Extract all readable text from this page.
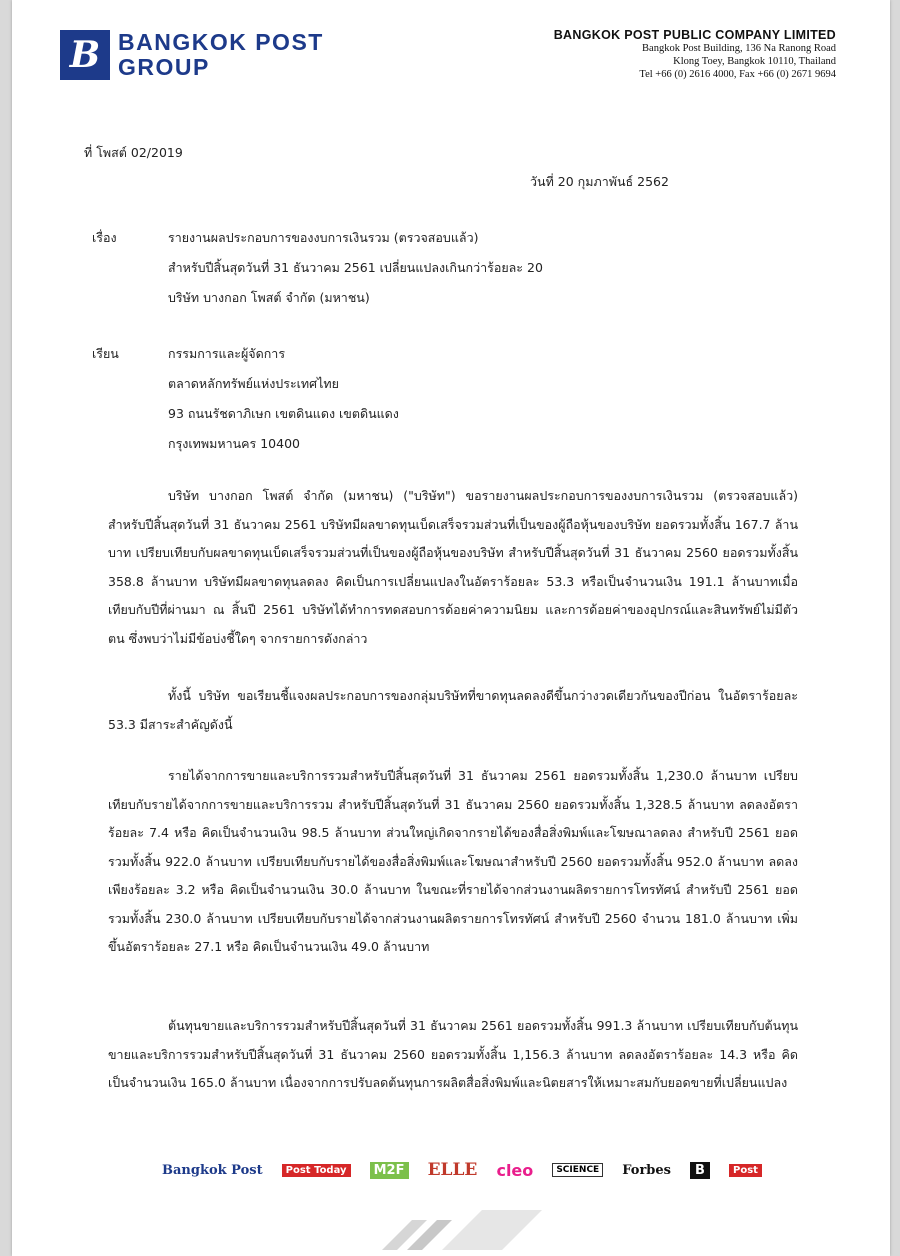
B BANGKOK POST
GROUP
BANGKOK POST PUBLIC COMPANY LIMITED
Bangkok Post Building, 136 Na Ranong Road
Klong Toey, Bangkok 10110, Thailand
Tel +66 (0) 2616 4000, Fax +66 (0) 2671 9694
ที่ โพสต์ 02/2019
วันที่ 20 กุมภาพันธ์ 2562
เรื่อง	รายงานผลประกอบการของงบการเงินรวม (ตรวจสอบแล้ว)
สำหรับปีสิ้นสุดวันที่ 31 ธันวาคม 2561 เปลี่ยนแปลงเกินกว่าร้อยละ 20
บริษัท บางกอก โพสต์ จำกัด (มหาชน)
เรียน	กรรมการและผู้จัดการ
ตลาดหลักทรัพย์แห่งประเทศไทย
93 ถนนรัชดาภิเษก เขตดินแดง เขตดินแดง
กรุงเทพมหานคร 10400
บริษัท บางกอก โพสต์ จำกัด (มหาชน) ("บริษัท") ขอรายงานผลประกอบการของงบการเงินรวม (ตรวจสอบแล้ว) สำหรับปีสิ้นสุดวันที่ 31 ธันวาคม 2561 บริษัทมีผลขาดทุนเบ็ดเสร็จรวมส่วนที่เป็นของผู้ถือหุ้นของบริษัท ยอดรวมทั้งสิ้น 167.7 ล้านบาท เปรียบเทียบกับผลขาดทุนเบ็ดเสร็จรวมส่วนที่เป็นของผู้ถือหุ้นของบริษัท สำหรับปีสิ้นสุดวันที่ 31 ธันวาคม 2560 ยอดรวมทั้งสิ้น 358.8 ล้านบาท บริษัทมีผลขาดทุนลดลง คิดเป็นการเปลี่ยนแปลงในอัตราร้อยละ 53.3 หรือเป็นจำนวนเงิน 191.1 ล้านบาทเมื่อเทียบกับปีที่ผ่านมา ณ สิ้นปี 2561 บริษัทได้ทำการทดสอบการด้อยค่าความนิยม และการด้อยค่าของอุปกรณ์และสินทรัพย์ไม่มีตัวตน ซึ่งพบว่าไม่มีข้อบ่งชี้ใดๆ จากรายการดังกล่าว
ทั้งนี้ บริษัท ขอเรียนชี้แจงผลประกอบการของกลุ่มบริษัทที่ขาดทุนลดลงดีขึ้นกว่างวดเดียวกันของปีก่อน ในอัตราร้อยละ 53.3 มีสาระสำคัญดังนี้
รายได้จากการขายและบริการรวมสำหรับปีสิ้นสุดวันที่ 31 ธันวาคม 2561 ยอดรวมทั้งสิ้น 1,230.0 ล้านบาท เปรียบเทียบกับรายได้จากการขายและบริการรวม สำหรับปีสิ้นสุดวันที่ 31 ธันวาคม 2560 ยอดรวมทั้งสิ้น 1,328.5 ล้านบาท ลดลงอัตราร้อยละ 7.4 หรือ คิดเป็นจำนวนเงิน 98.5 ล้านบาท ส่วนใหญ่เกิดจากรายได้ของสื่อสิ่งพิมพ์และโฆษณาลดลง สำหรับปี 2561 ยอดรวมทั้งสิ้น 922.0 ล้านบาท เปรียบเทียบกับรายได้ของสื่อสิ่งพิมพ์และโฆษณาสำหรับปี 2560 ยอดรวมทั้งสิ้น 952.0 ล้านบาท ลดลงเพียงร้อยละ 3.2 หรือ คิดเป็นจำนวนเงิน 30.0 ล้านบาท ในขณะที่รายได้จากส่วนงานผลิตรายการโทรทัศน์ สำหรับปี 2561 ยอดรวมทั้งสิ้น 230.0 ล้านบาท เปรียบเทียบกับรายได้จากส่วนงานผลิตรายการโทรทัศน์ สำหรับปี 2560 จำนวน 181.0 ล้านบาท เพิ่มขึ้นอัตราร้อยละ 27.1 หรือ คิดเป็นจำนวนเงิน 49.0 ล้านบาท
ต้นทุนขายและบริการรวมสำหรับปีสิ้นสุดวันที่ 31 ธันวาคม 2561 ยอดรวมทั้งสิ้น 991.3 ล้านบาท เปรียบเทียบกับต้นทุนขายและบริการรวมสำหรับปีสิ้นสุดวันที่ 31 ธันวาคม 2560 ยอดรวมทั้งสิ้น 1,156.3 ล้านบาท ลดลงอัตราร้อยละ 14.3 หรือ คิดเป็นจำนวนเงิน 165.0 ล้านบาท เนื่องจากการปรับลดต้นทุนการผลิตสื่อสิ่งพิมพ์และนิตยสารให้เหมาะสมกับยอดขายที่เปลี่ยนแปลง
Bangkok Post	Post Today	M2F ELLE cleo	SCIENCE	Forbes	B	Post
